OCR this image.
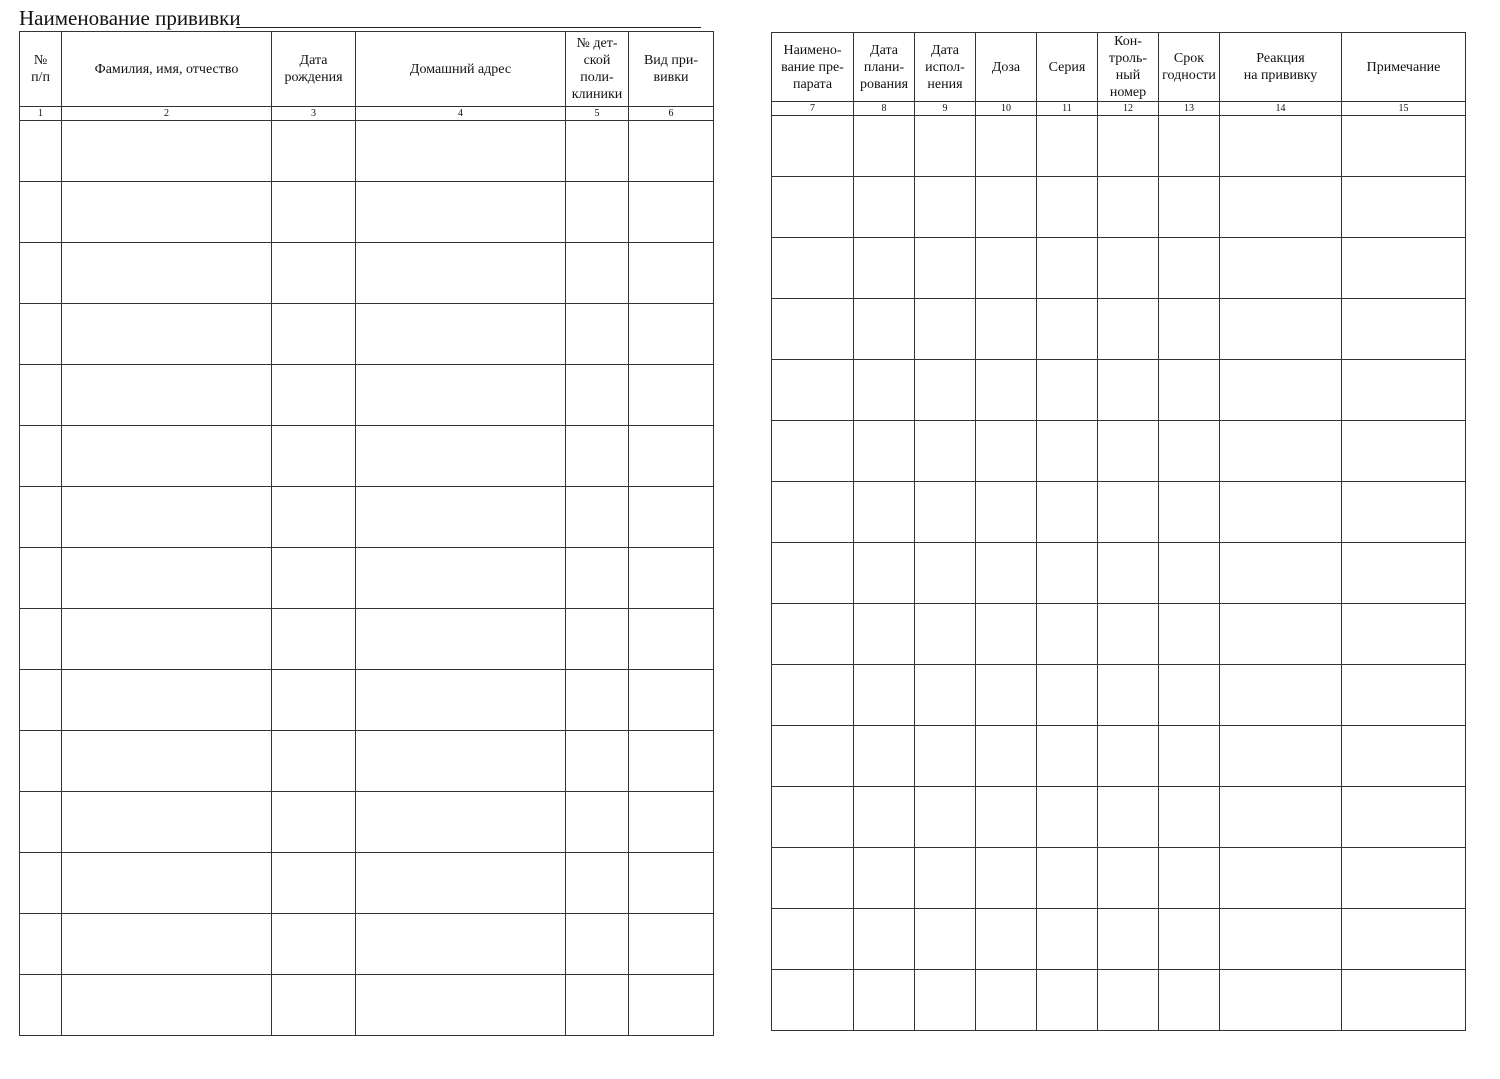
Наименование прививки
№
п/п	Фамилия, имя, отчество	Дата
рождения	Домашний адрес	№ дет-
ской
поли-
клиники	Вид при-
вивки
1	2	3	4	5	6

Наимено-
вание пре-
парата	Дата
плани-
рования	Дата
испол-
нения	Доза	Серия	Кон-
троль-
ный
номер	Срок
годности	Реакция
на прививку	Примечание
7	8	9	10	11	12	13	14	15
